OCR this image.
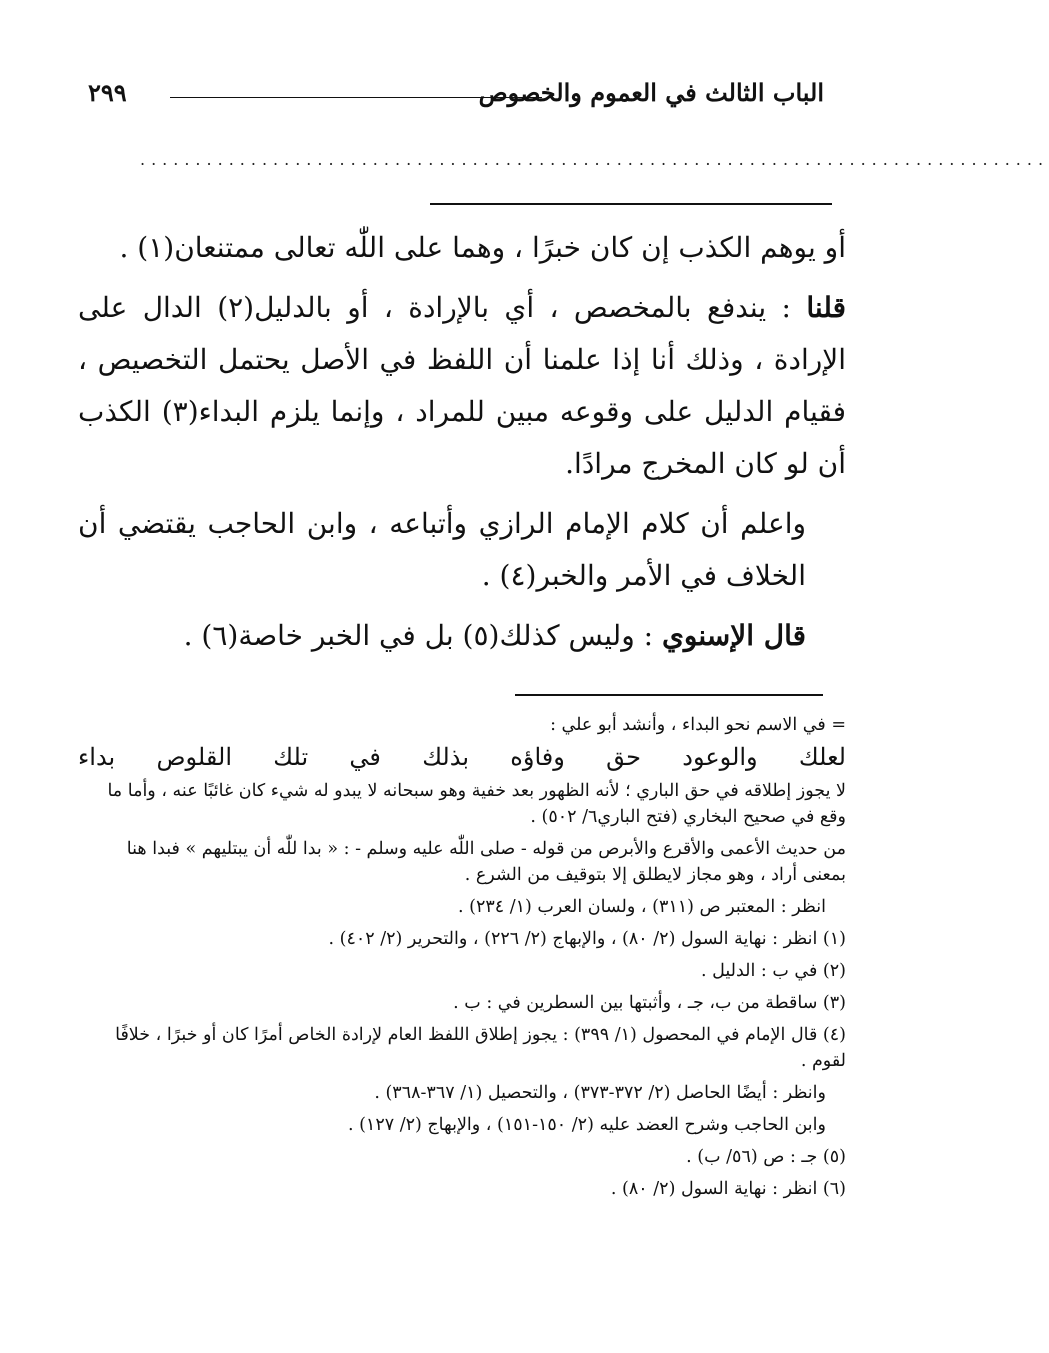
الباب الثالث في العموم والخصوص
٢٩٩
..................................................................................

أو يوهم الكذب إن كان خبرًا ، وهما على اللّٰه تعالى ممتنعان(١) .

قلنا : يندفع بالمخصص ، أي بالإرادة ، أو بالدليل(٢) الدال على الإرادة ، وذلك أنا إذا علمنا أن اللفظ في الأصل يحتمل التخصيص ، فقيام الدليل على وقوعه مبين للمراد ، وإنما يلزم البداء(٣) الكذب أن لو كان المخرج مرادًا.

واعلم أن كلام الإمام الرازي وأتباعه ، وابن الحاجب يقتضي أن الخلاف في الأمر والخبر(٤) .

قال الإسنوي : وليس كذلك(٥) بل في الخبر خاصة(٦) .

= في الاسم نحو البداء ، وأنشد أبو علي :

لعلك والوعود حق وفاؤه بذلك في تلك القلوص بداء

لا يجوز إطلاقه في حق الباري ؛ لأنه الظهور بعد خفية وهو سبحانه لا يبدو له شيء كان غائبًا عنه ، وأما ما وقع في صحيح البخاري (فتح الباري٦/ ٥٠٢) .

من حديث الأعمى والأقرع والأبرص من قوله - صلى اللّٰه عليه وسلم - : « بدا للّٰه أن يبتليهم » فبدا هنا بمعنى أراد ، وهو مجاز لايطلق إلا بتوقيف من الشرع .

انظر : المعتبر ص (٣١١) ، ولسان العرب (١/ ٢٣٤) .

(١) انظر : نهاية السول (٢/ ٨٠) ، والإبهاج (٢/ ٢٢٦) ، والتحرير (٢/ ٤٠٢) .

(٢) في ب : الدليل .

(٣) ساقطة من ب، جـ ، وأثبتها بين السطرين في : ب .

(٤) قال الإمام في المحصول (١/ ٣٩٩) : يجوز إطلاق اللفظ العام لإرادة الخاص أمرًا كان أو خبرًا ، خلافًا لقوم .

وانظر : أيضًا الحاصل (٢/ ٣٧٢-٣٧٣) ، والتحصيل (١/ ٣٦٧-٣٦٨) .

وابن الحاجب وشرح العضد عليه (٢/ ١٥٠-١٥١) ، والإبهاج (٢/ ١٢٧) .

(٥) جـ : ص (٥٦/ ب) .

(٦) انظر : نهاية السول (٢/ ٨٠) .
